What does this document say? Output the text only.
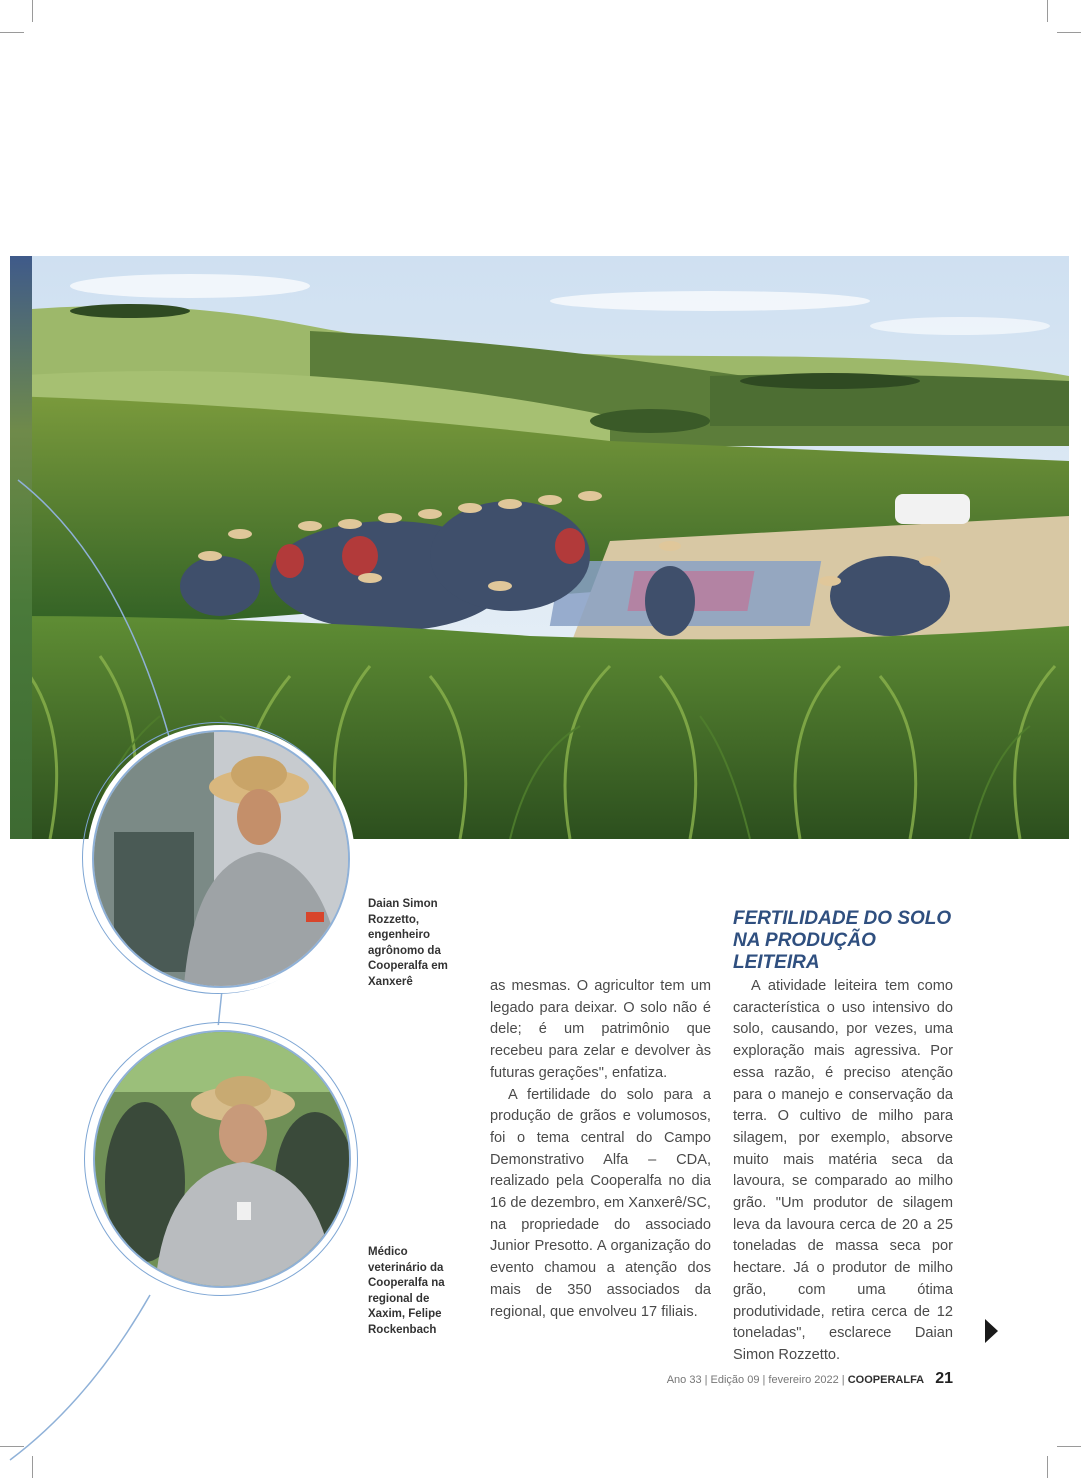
Daian Simon Rozzetto, engenheiro agrônomo da Cooperalfa em Xanxerê
Médico veterinário da Cooperalfa na regional de Xaxim, Felipe Rockenbach

as mesmas. O agricultor tem um legado para deixar. O solo não é dele; é um patrimônio que recebeu para zelar e devolver às futuras gerações", enfatiza.

A fertilidade do solo para a produção de grãos e volumosos, foi o tema central do Campo Demonstrativo Alfa – CDA, realizado pela Cooperalfa no dia 16 de dezembro, em Xanxerê/SC, na propriedade do associado Junior Presotto. A organização do evento chamou a atenção dos mais de 350 associados da regional, que envolveu 17 filiais.

FERTILIDADE DO SOLO NA PRODUÇÃO LEITEIRA

A atividade leiteira tem como característica o uso intensivo do solo, causando, por vezes, uma exploração mais agressiva. Por essa razão, é preciso atenção para o manejo e conservação da terra. O cultivo de milho para silagem, por exemplo, absorve muito mais matéria seca da lavoura, se comparado ao milho grão. "Um produtor de silagem leva da lavoura cerca de 20 a 25 toneladas de massa seca por hectare. Já o produtor de milho grão, com uma ótima produtividade, retira cerca de 12 toneladas", esclarece Daian Simon Rozzetto.

Ano 33 | Edição 09 | fevereiro 2022 | COOPERALFA 21
